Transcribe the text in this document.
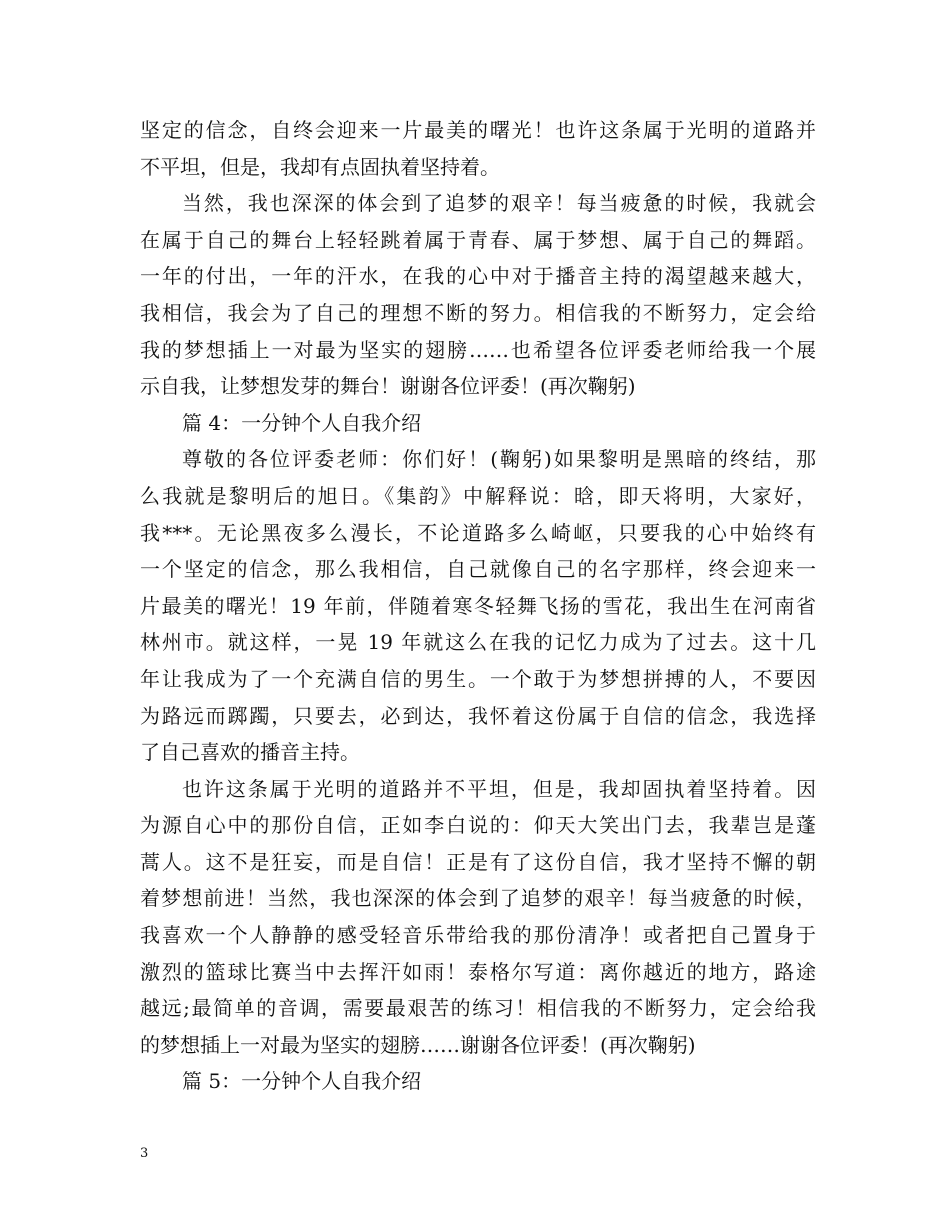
坚定的信念，自终会迎来一片最美的曙光！也许这条属于光明的道路并
不平坦，但是，我却有点固执着坚持着。
当然，我也深深的体会到了追梦的艰辛！每当疲惫的时候，我就会
在属于自己的舞台上轻轻跳着属于青春、属于梦想、属于自己的舞蹈。
一年的付出，一年的汗水，在我的心中对于播音主持的渴望越来越大，
我相信，我会为了自己的理想不断的努力。相信我的不断努力，定会给
我的梦想插上一对最为坚实的翅膀……也希望各位评委老师给我一个展
示自我，让梦想发芽的舞台！谢谢各位评委！(再次鞠躬)
篇 4：一分钟个人自我介绍
尊敬的各位评委老师：你们好！(鞠躬)如果黎明是黑暗的终结，那
么我就是黎明后的旭日。《集韵》中解释说：晗，即天将明，大家好，
我***。无论黑夜多么漫长，不论道路多么崎岖，只要我的心中始终有
一个坚定的信念，那么我相信，自己就像自己的名字那样，终会迎来一
片最美的曙光！19 年前，伴随着寒冬轻舞飞扬的雪花，我出生在河南省
林州市。就这样，一晃 19 年就这么在我的记忆力成为了过去。这十几
年让我成为了一个充满自信的男生。一个敢于为梦想拼搏的人，不要因
为路远而踯躅，只要去，必到达，我怀着这份属于自信的信念，我选择
了自己喜欢的播音主持。
也许这条属于光明的道路并不平坦，但是，我却固执着坚持着。因
为源自心中的那份自信，正如李白说的：仰天大笑出门去，我辈岂是蓬
蒿人。这不是狂妄，而是自信！正是有了这份自信，我才坚持不懈的朝
着梦想前进！当然，我也深深的体会到了追梦的艰辛！每当疲惫的时候，
我喜欢一个人静静的感受轻音乐带给我的那份清净！或者把自己置身于
激烈的篮球比赛当中去挥汗如雨！泰格尔写道：离你越近的地方，路途
越远;最简单的音调，需要最艰苦的练习！相信我的不断努力，定会给我
的梦想插上一对最为坚实的翅膀……谢谢各位评委！(再次鞠躬)
篇 5：一分钟个人自我介绍
3
